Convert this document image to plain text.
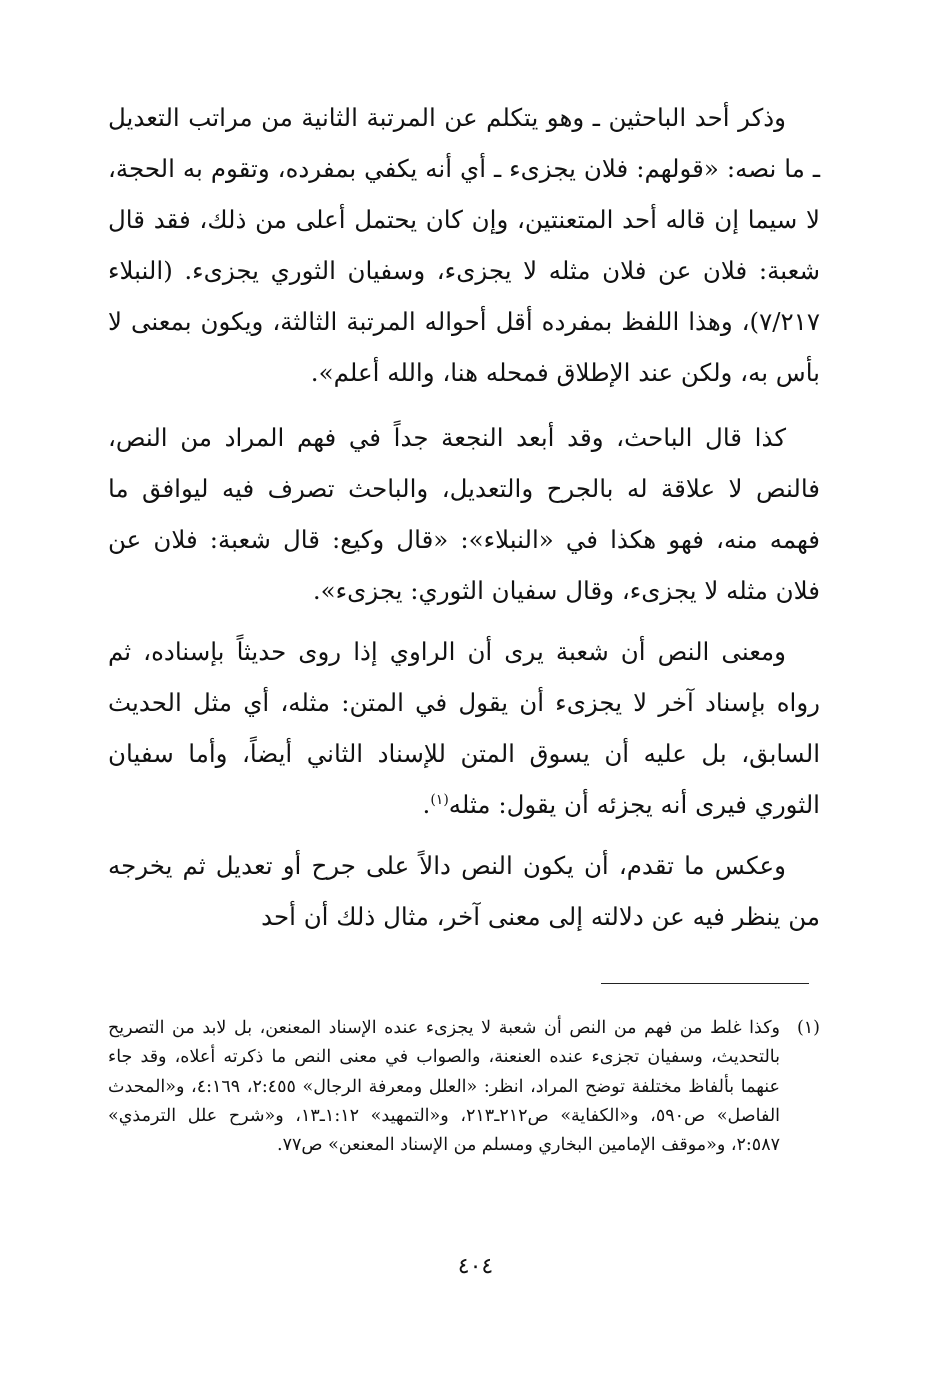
وذكر أحد الباحثين ـ وهو يتكلم عن المرتبة الثانية من مراتب التعديل ـ ما نصه: «قولهم: فلان يجزىء ـ أي أنه يكفي بمفرده، وتقوم به الحجة، لا سيما إن قاله أحد المتعنتين، وإن كان يحتمل أعلى من ذلك، فقد قال شعبة: فلان عن فلان مثله لا يجزىء، وسفيان الثوري يجزىء. (النبلاء ٧/٢١٧)، وهذا اللفظ بمفرده أقل أحواله المرتبة الثالثة، ويكون بمعنى لا بأس به، ولكن عند الإطلاق فمحله هنا، والله أعلم».

كذا قال الباحث، وقد أبعد النجعة جداً في فهم المراد من النص، فالنص لا علاقة له بالجرح والتعديل، والباحث تصرف فيه ليوافق ما فهمه منه، فهو هكذا في «النبلاء»: «قال وكيع: قال شعبة: فلان عن فلان مثله لا يجزىء، وقال سفيان الثوري: يجزىء».

ومعنى النص أن شعبة يرى أن الراوي إذا روى حديثاً بإسناده، ثم رواه بإسناد آخر لا يجزىء أن يقول في المتن: مثله، أي مثل الحديث السابق، بل عليه أن يسوق المتن للإسناد الثاني أيضاً، وأما سفيان الثوري فيرى أنه يجزئه أن يقول: مثله$^{(١)}$.

وعكس ما تقدم، أن يكون النص دالاً على جرح أو تعديل ثم يخرجه من ينظر فيه عن دلالته إلى معنى آخر، مثال ذلك أن أحد

(١)
وكذا غلط من فهم من النص أن شعبة لا يجزىء عنده الإسناد المعنعن، بل لابد من التصريح بالتحديث، وسفيان تجزىء عنده العنعنة، والصواب في معنى النص ما ذكرته أعلاه، وقد جاء عنهما بألفاظ مختلفة توضح المراد، انظر: «العلل ومعرفة الرجال» ٢:٤٥٥، ٤:١٦٩، و«المحدث الفاصل» ص٥٩٠، و«الكفاية» ص٢١٢ـ٢١٣، و«التمهيد» ١:١٢ـ١٣، و«شرح علل الترمذي» ٢:٥٨٧، و«موقف الإمامين البخاري ومسلم من الإسناد المعنعن» ص٧٧.
٤٠٤
